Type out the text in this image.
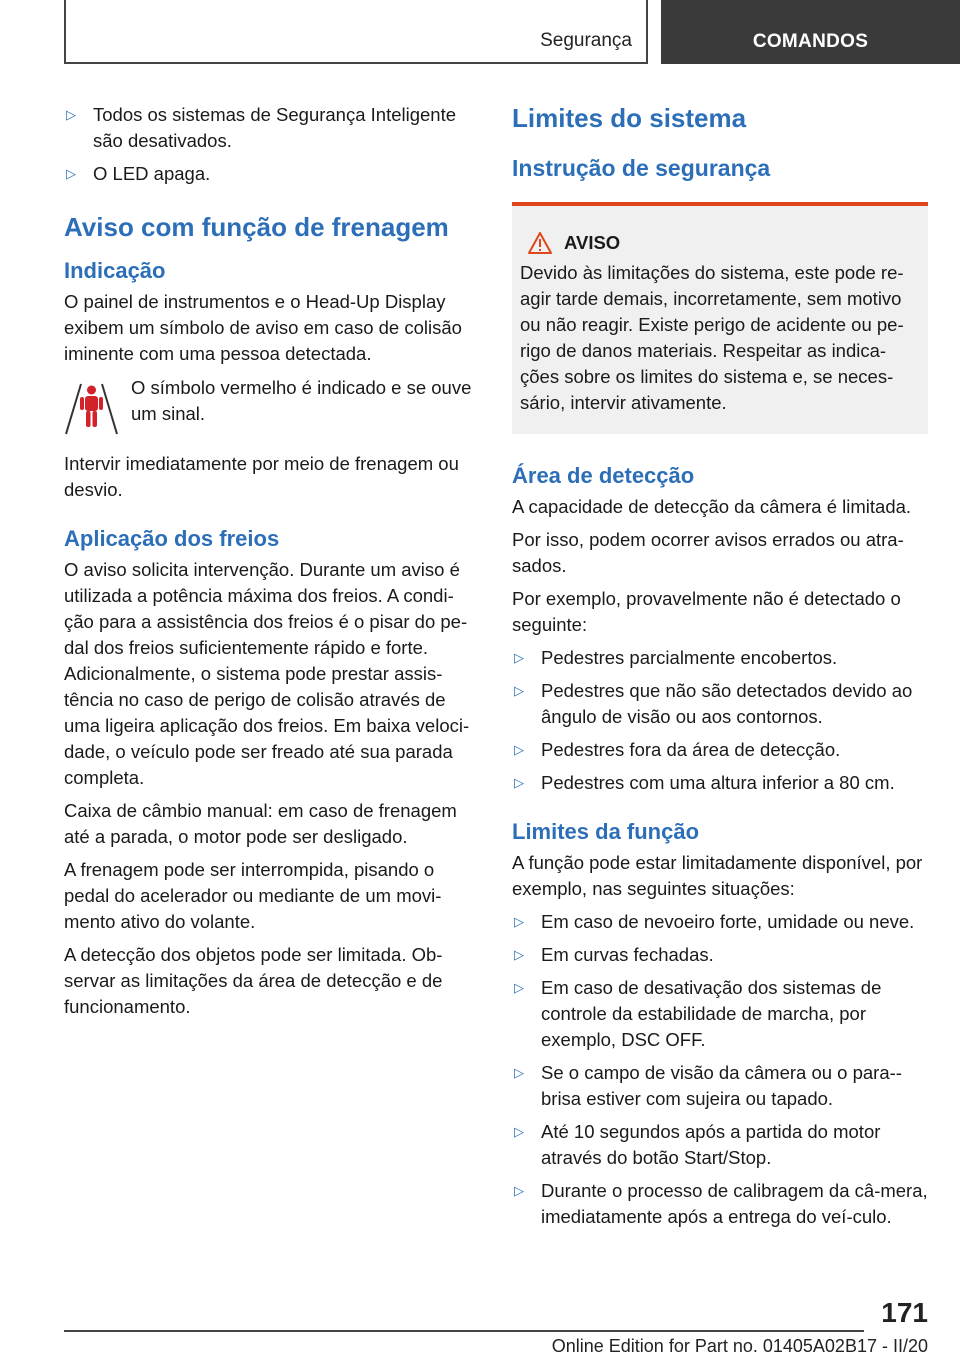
Segurança	COMANDOS
▷ Todos os sistemas de Segurança Inteligente são desativados.
▷ O LED apaga.
Aviso com função de frenagem
Indicação

O painel de instrumentos e o Head-Up Display exibem um símbolo de aviso em caso de colisão iminente com uma pessoa detectada.

O símbolo vermelho é indicado e se ouve um sinal.

Intervir imediatamente por meio de frenagem ou desvio.

Aplicação dos freios

O aviso solicita intervenção. Durante um aviso é utilizada a potência máxima dos freios. A condi-ção para a assistência dos freios é o pisar do pe-dal dos freios suficientemente rápido e forte. Adicionalmente, o sistema pode prestar assis-tência no caso de perigo de colisão através de uma ligeira aplicação dos freios. Em baixa veloci-dade, o veículo pode ser freado até sua parada completa.

Caixa de câmbio manual: em caso de frenagem até a parada, o motor pode ser desligado.

A frenagem pode ser interrompida, pisando o pedal do acelerador ou mediante de um movi-mento ativo do volante.

A detecção dos objetos pode ser limitada. Ob-servar as limitações da área de detecção e de funcionamento.

Limites do sistema
Instrução de segurança
AVISO
Devido às limitações do sistema, este pode re-agir tarde demais, incorretamente, sem motivo ou não reagir. Existe perigo de acidente ou pe-rigo de danos materiais. Respeitar as indica-ções sobre os limites do sistema e, se neces-sário, intervir ativamente.
Área de detecção

A capacidade de detecção da câmera é limitada.

Por isso, podem ocorrer avisos errados ou atra-sados.

Por exemplo, provavelmente não é detectado o seguinte:

▷ Pedestres parcialmente encobertos.
▷ Pedestres que não são detectados devido ao ângulo de visão ou aos contornos.
▷ Pedestres fora da área de detecção.
▷ Pedestres com uma altura inferior a 80 cm.
Limites da função

A função pode estar limitadamente disponível, por exemplo, nas seguintes situações:

▷ Em caso de nevoeiro forte, umidade ou neve.
▷ Em curvas fechadas.
▷ Em caso de desativação dos sistemas de controle da estabilidade de marcha, por exemplo, DSC OFF.
▷ Se o campo de visão da câmera ou o para--brisa estiver com sujeira ou tapado.
▷ Até 10 segundos após a partida do motor através do botão Start/Stop.
▷ Durante o processo de calibragem da câ-mera, imediatamente após a entrega do veí-culo.
171
Online Edition for Part no. 01405A02B17 - II/20
